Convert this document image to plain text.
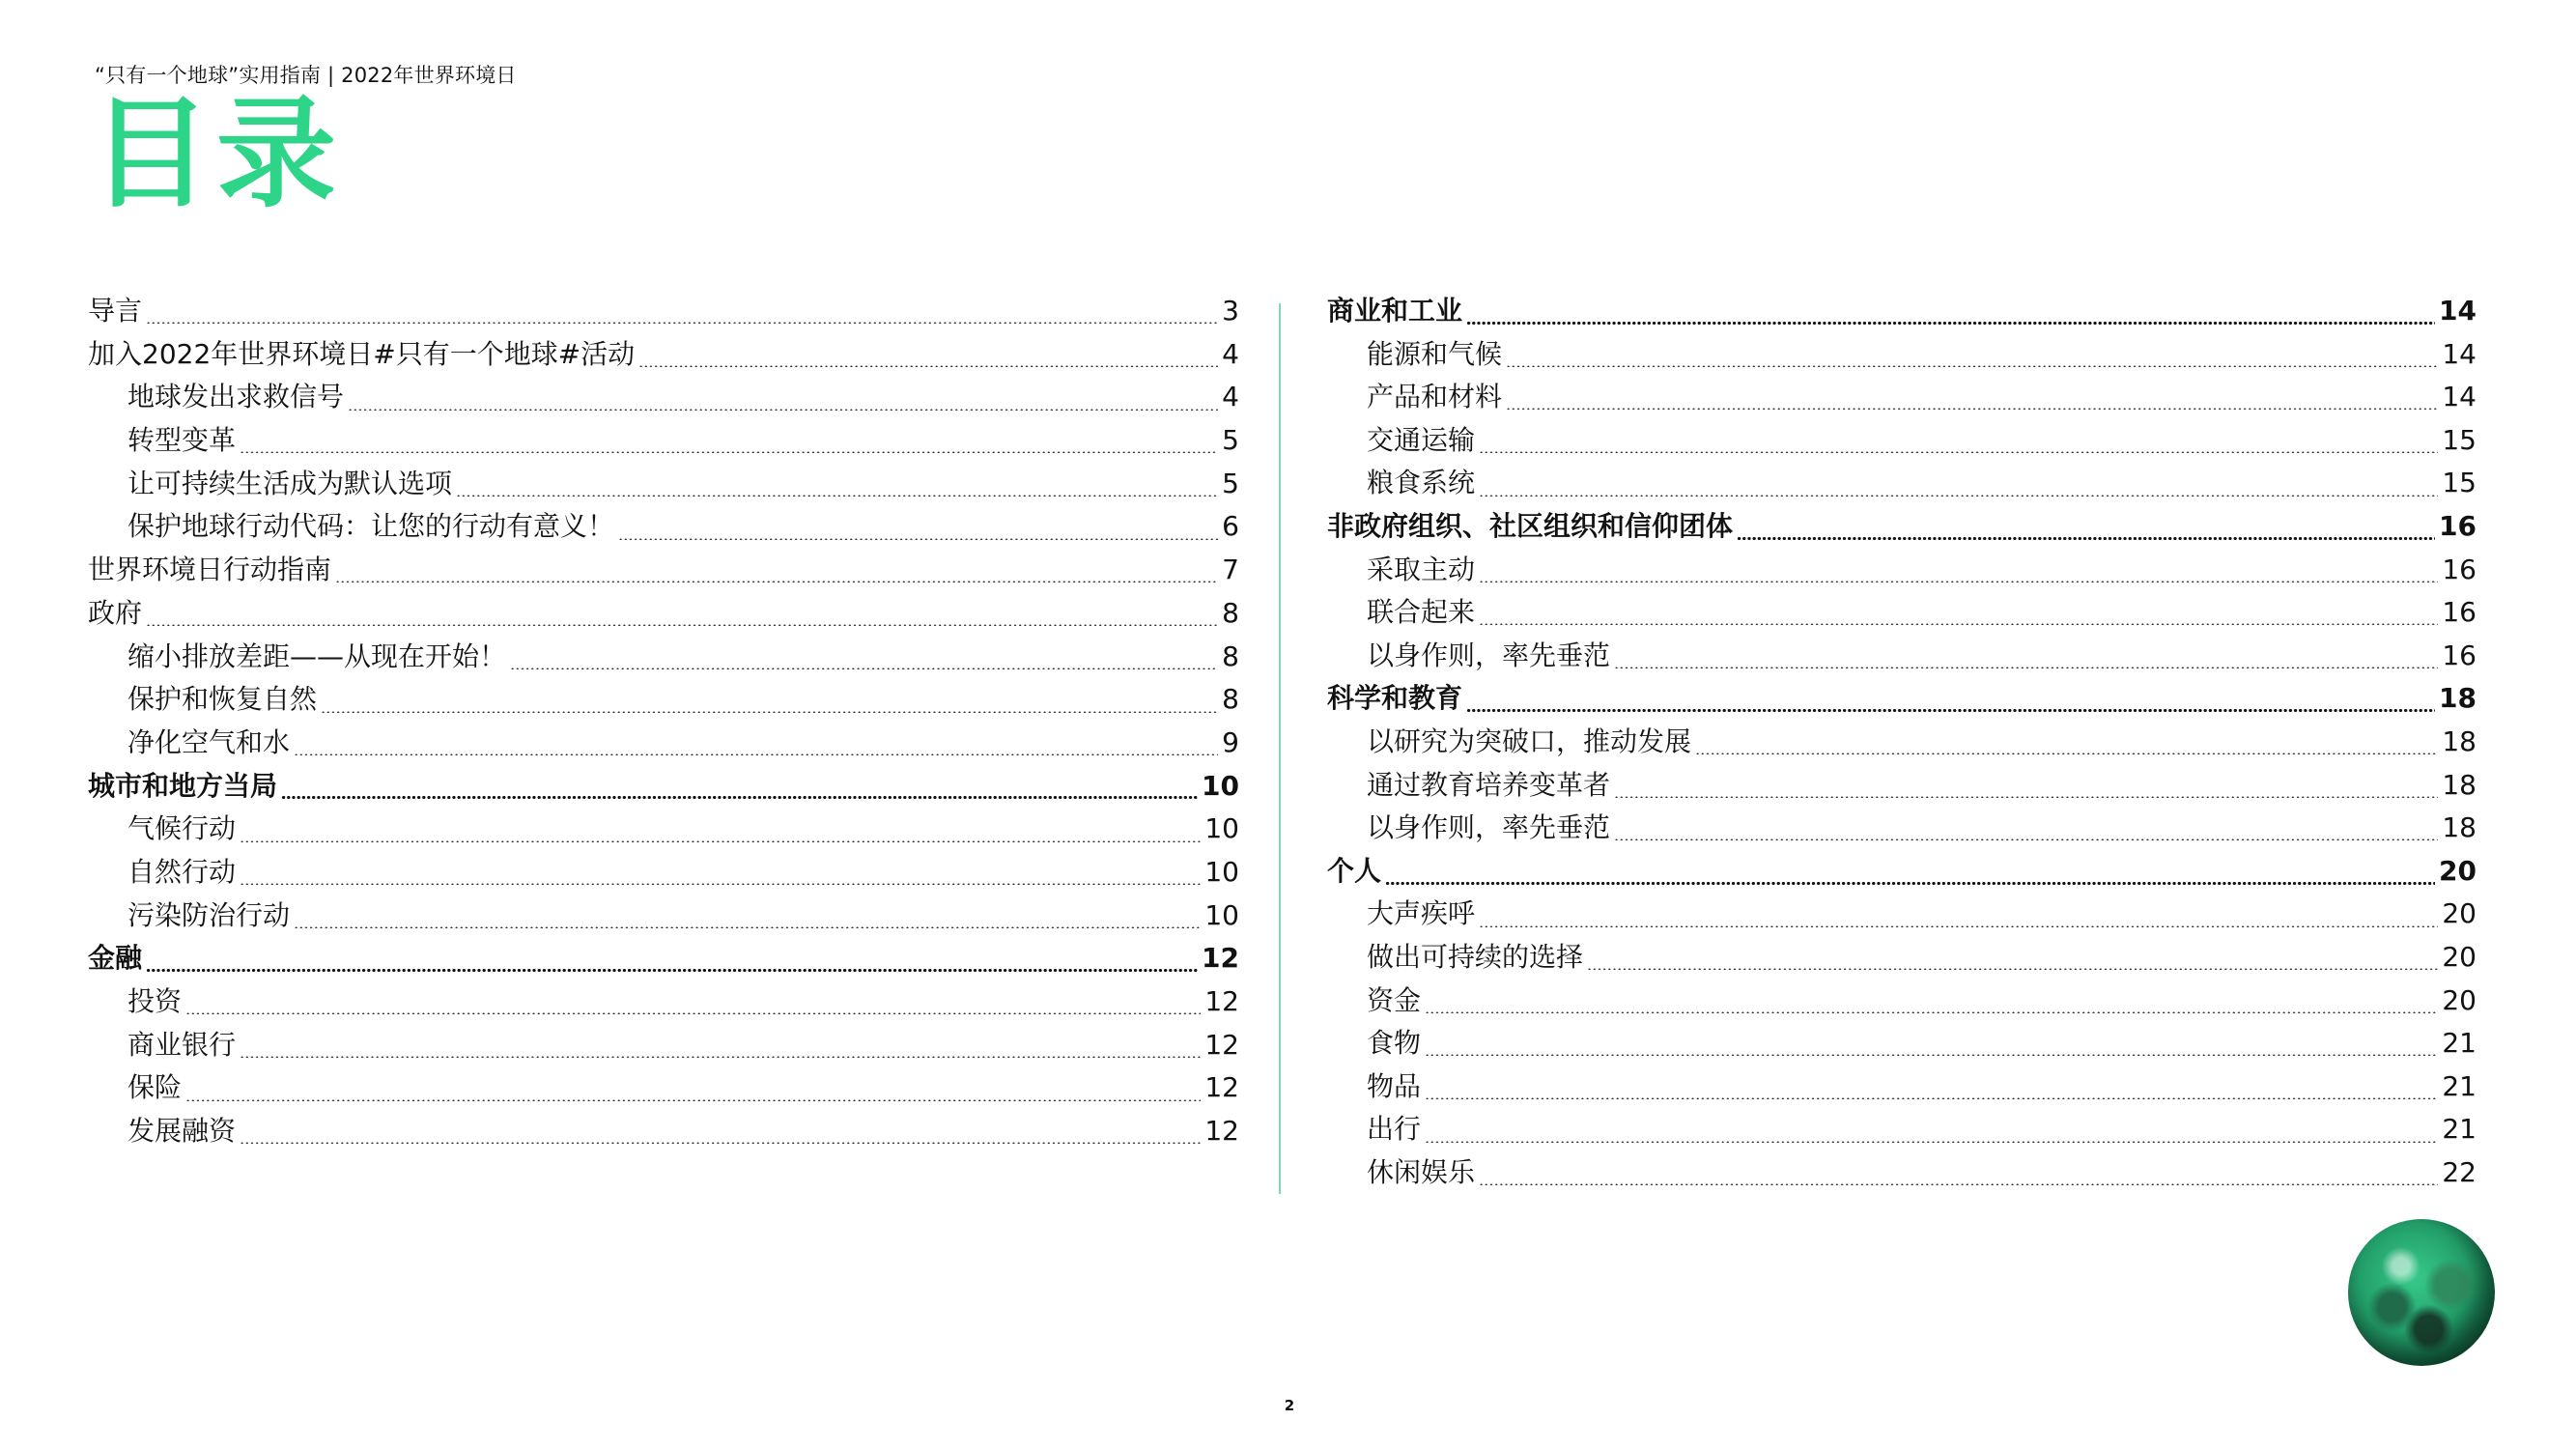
“只有一个地球”实用指南 | 2022年世界环境日
目录
导言	3
加入2022年世界环境日#只有一个地球#活动	4
地球发出求救信号	4
转型变革	5
让可持续生活成为默认选项	5
保护地球行动代码：让您的行动有意义！	6
世界环境日行动指南	7
政府	8
缩小排放差距——从现在开始！	8
保护和恢复自然	8
净化空气和水	9
城市和地方当局	10
气候行动	10
自然行动	10
污染防治行动	10
金融	12
投资	12
商业银行	12
保险	12
发展融资	12
商业和工业	14
能源和气候	14
产品和材料	14
交通运输	15
粮食系统	15
非政府组织、社区组织和信仰团体	16
采取主动	16
联合起来	16
以身作则，率先垂范	16
科学和教育	18
以研究为突破口，推动发展	18
通过教育培养变革者	18
以身作则，率先垂范	18
个人	20
大声疾呼	20
做出可持续的选择	20
资金	20
食物	21
物品	21
出行	21
休闲娱乐	22
2
